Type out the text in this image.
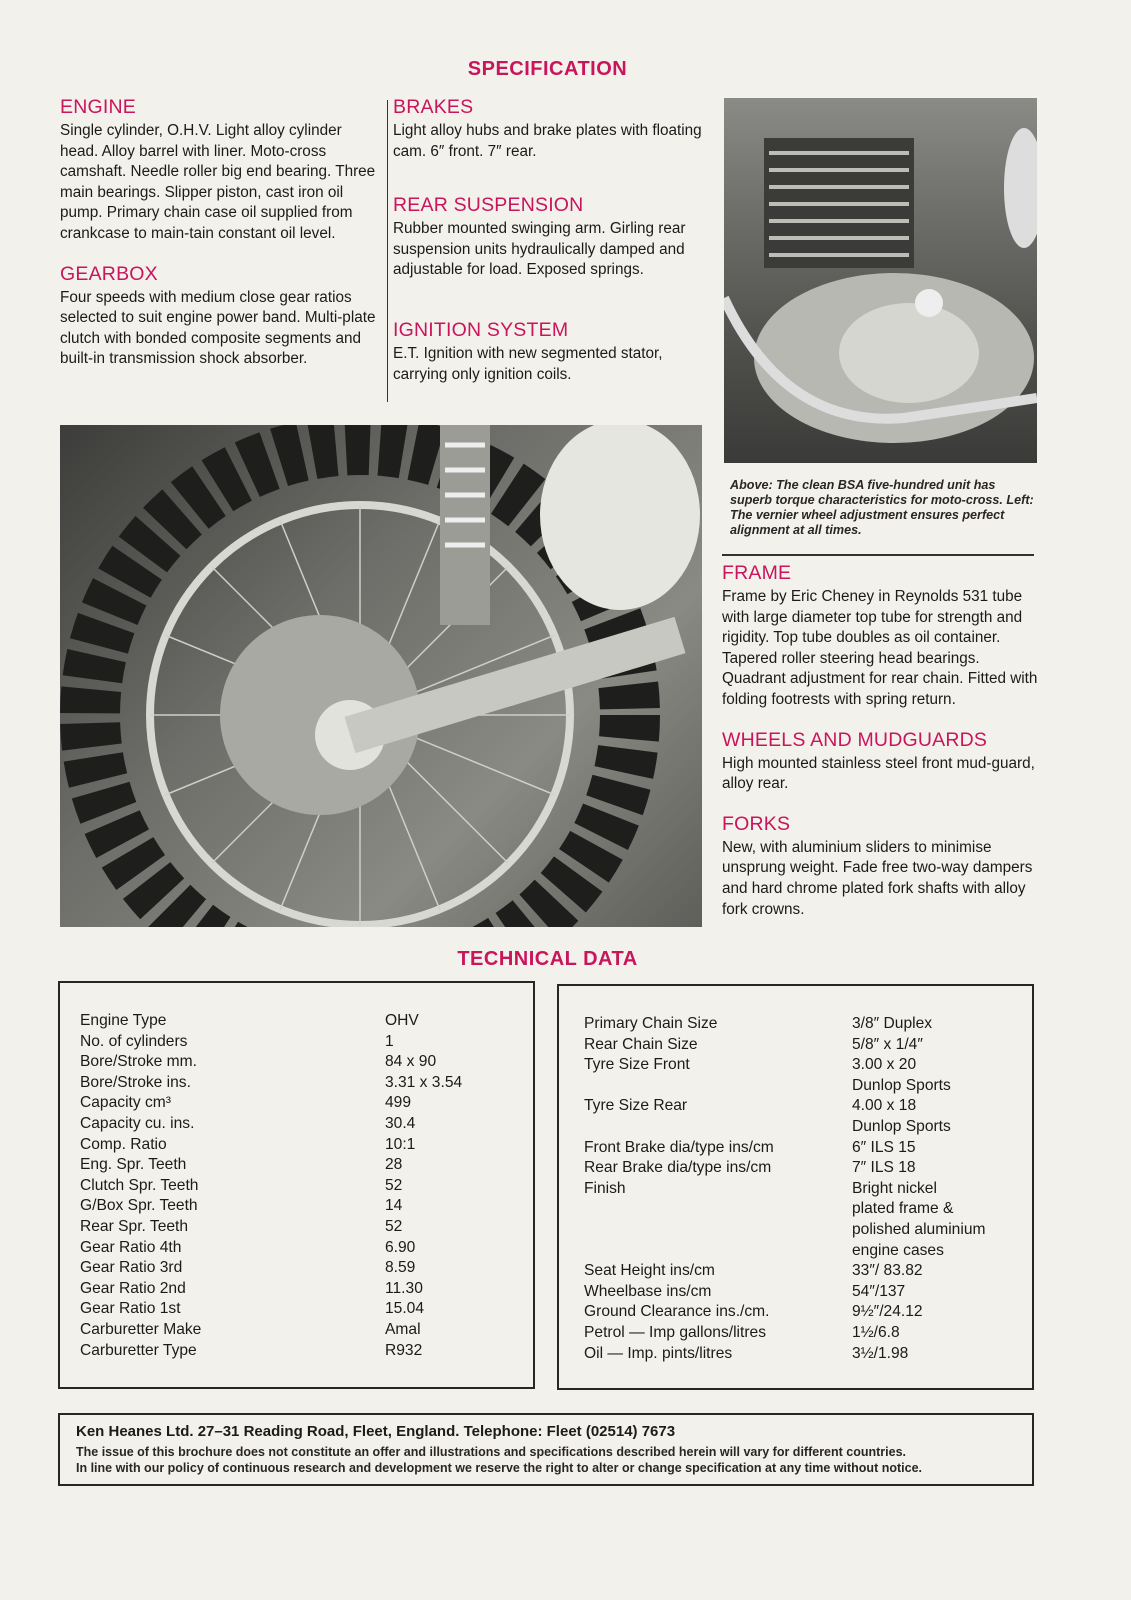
SPECIFICATION
ENGINE

Single cylinder, O.H.V. Light alloy cylinder head. Alloy barrel with liner. Moto-cross camshaft. Needle roller big end bearing. Three main bearings. Slipper piston, cast iron oil pump. Primary chain case oil supplied from crankcase to main-tain constant oil level.

GEARBOX

Four speeds with medium close gear ratios selected to suit engine power band. Multi-plate clutch with bonded composite segments and built-in transmission shock absorber.

BRAKES

Light alloy hubs and brake plates with floating cam. 6″ front. 7″ rear.

REAR SUSPENSION

Rubber mounted swinging arm. Girling rear suspension units hydraulically damped and adjustable for load. Exposed springs.

IGNITION SYSTEM

E.T. Ignition with new segmented stator, carrying only ignition coils.

Above: The clean BSA five-hundred unit has superb torque characteristics for moto-cross. Left: The vernier wheel adjustment ensures perfect alignment at all times.
FRAME

Frame by Eric Cheney in Reynolds 531 tube with large diameter top tube for strength and rigidity. Top tube doubles as oil container. Tapered roller steering head bearings. Quadrant adjustment for rear chain. Fitted with folding footrests with spring return.

WHEELS AND MUDGUARDS

High mounted stainless steel front mud-guard, alloy rear.

FORKS

New, with aluminium sliders to minimise unsprung weight. Fade free two-way dampers and hard chrome plated fork shafts with alloy fork crowns.

TECHNICAL DATA
Engine Type	OHV
No. of cylinders	1
Bore/Stroke mm.	84 x 90
Bore/Stroke ins.	3.31 x 3.54
Capacity cm³	499
Capacity cu. ins.	30.4
Comp. Ratio	10:1
Eng. Spr. Teeth	28
Clutch Spr. Teeth	52
G/Box Spr. Teeth	14
Rear Spr. Teeth	52
Gear Ratio 4th	6.90
Gear Ratio 3rd	8.59
Gear Ratio 2nd	11.30
Gear Ratio 1st	15.04
Carburetter Make	Amal
Carburetter Type	R932
Primary Chain Size	3/8″ Duplex
Rear Chain Size	5/8″ x 1/4″
Tyre Size Front	3.00 x 20
Dunlop Sports
Tyre Size Rear	4.00 x 18
Dunlop Sports
Front Brake dia/type ins/cm	6″ ILS 15
Rear Brake dia/type ins/cm	7″ ILS 18
Finish	Bright nickel
plated frame &
polished aluminium
engine cases
Seat Height ins/cm	33″/ 83.82
Wheelbase ins/cm	54″/137
Ground Clearance ins./cm.	9½″/24.12
Petrol — Imp gallons/litres	1½/6.8
Oil — Imp. pints/litres	3½/1.98
Ken Heanes Ltd. 27–31 Reading Road, Fleet, England. Telephone: Fleet (02514) 7673
The issue of this brochure does not constitute an offer and illustrations and specifications described herein will vary for different countries.
In line with our policy of continuous research and development we reserve the right to alter or change specification at any time without notice.
